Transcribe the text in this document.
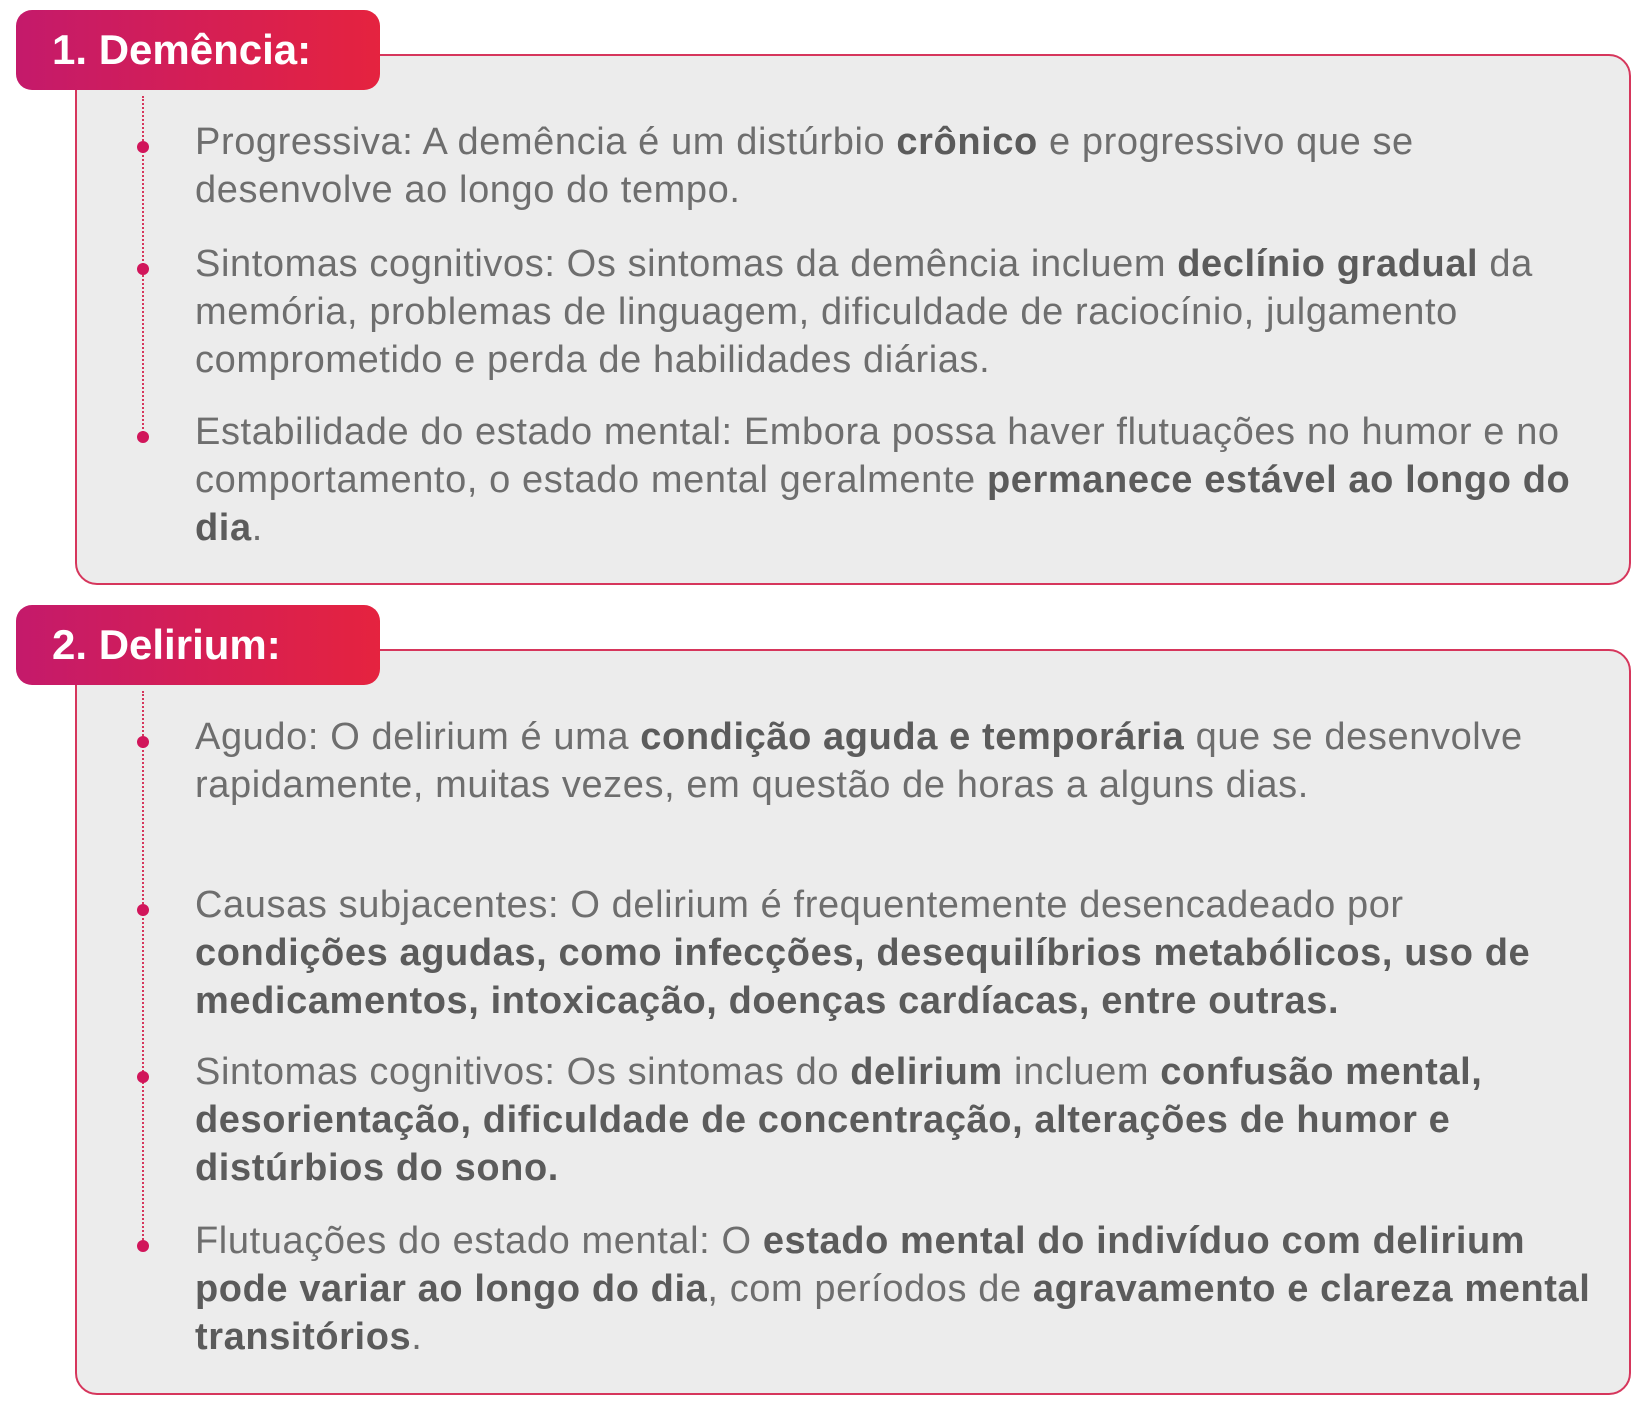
1. Demência:
Progressiva: A demência é um distúrbio crônico e progressivo que se desenvolve ao longo do tempo.
Sintomas cognitivos: Os sintomas da demência incluem declínio gradual da memória, problemas de linguagem, dificuldade de raciocínio, julgamento comprometido e perda de habilidades diárias.
Estabilidade do estado mental: Embora possa haver flutuações no humor e no comportamento, o estado mental geralmente permanece estável ao longo do dia.
2. Delirium:
Agudo: O delirium é uma condição aguda e temporária que se desenvolve rapidamente, muitas vezes, em questão de horas a alguns dias.
Causas subjacentes: O delirium é frequentemente desencadeado por condições agudas, como infecções, desequilíbrios metabólicos, uso de medicamentos, intoxicação, doenças cardíacas, entre outras.
Sintomas cognitivos: Os sintomas do delirium incluem confusão mental, desorientação, dificuldade de concentração, alterações de humor e distúrbios do sono.
Flutuações do estado mental: O estado mental do indivíduo com delirium pode variar ao longo do dia, com períodos de agravamento e clareza mental transitórios.
